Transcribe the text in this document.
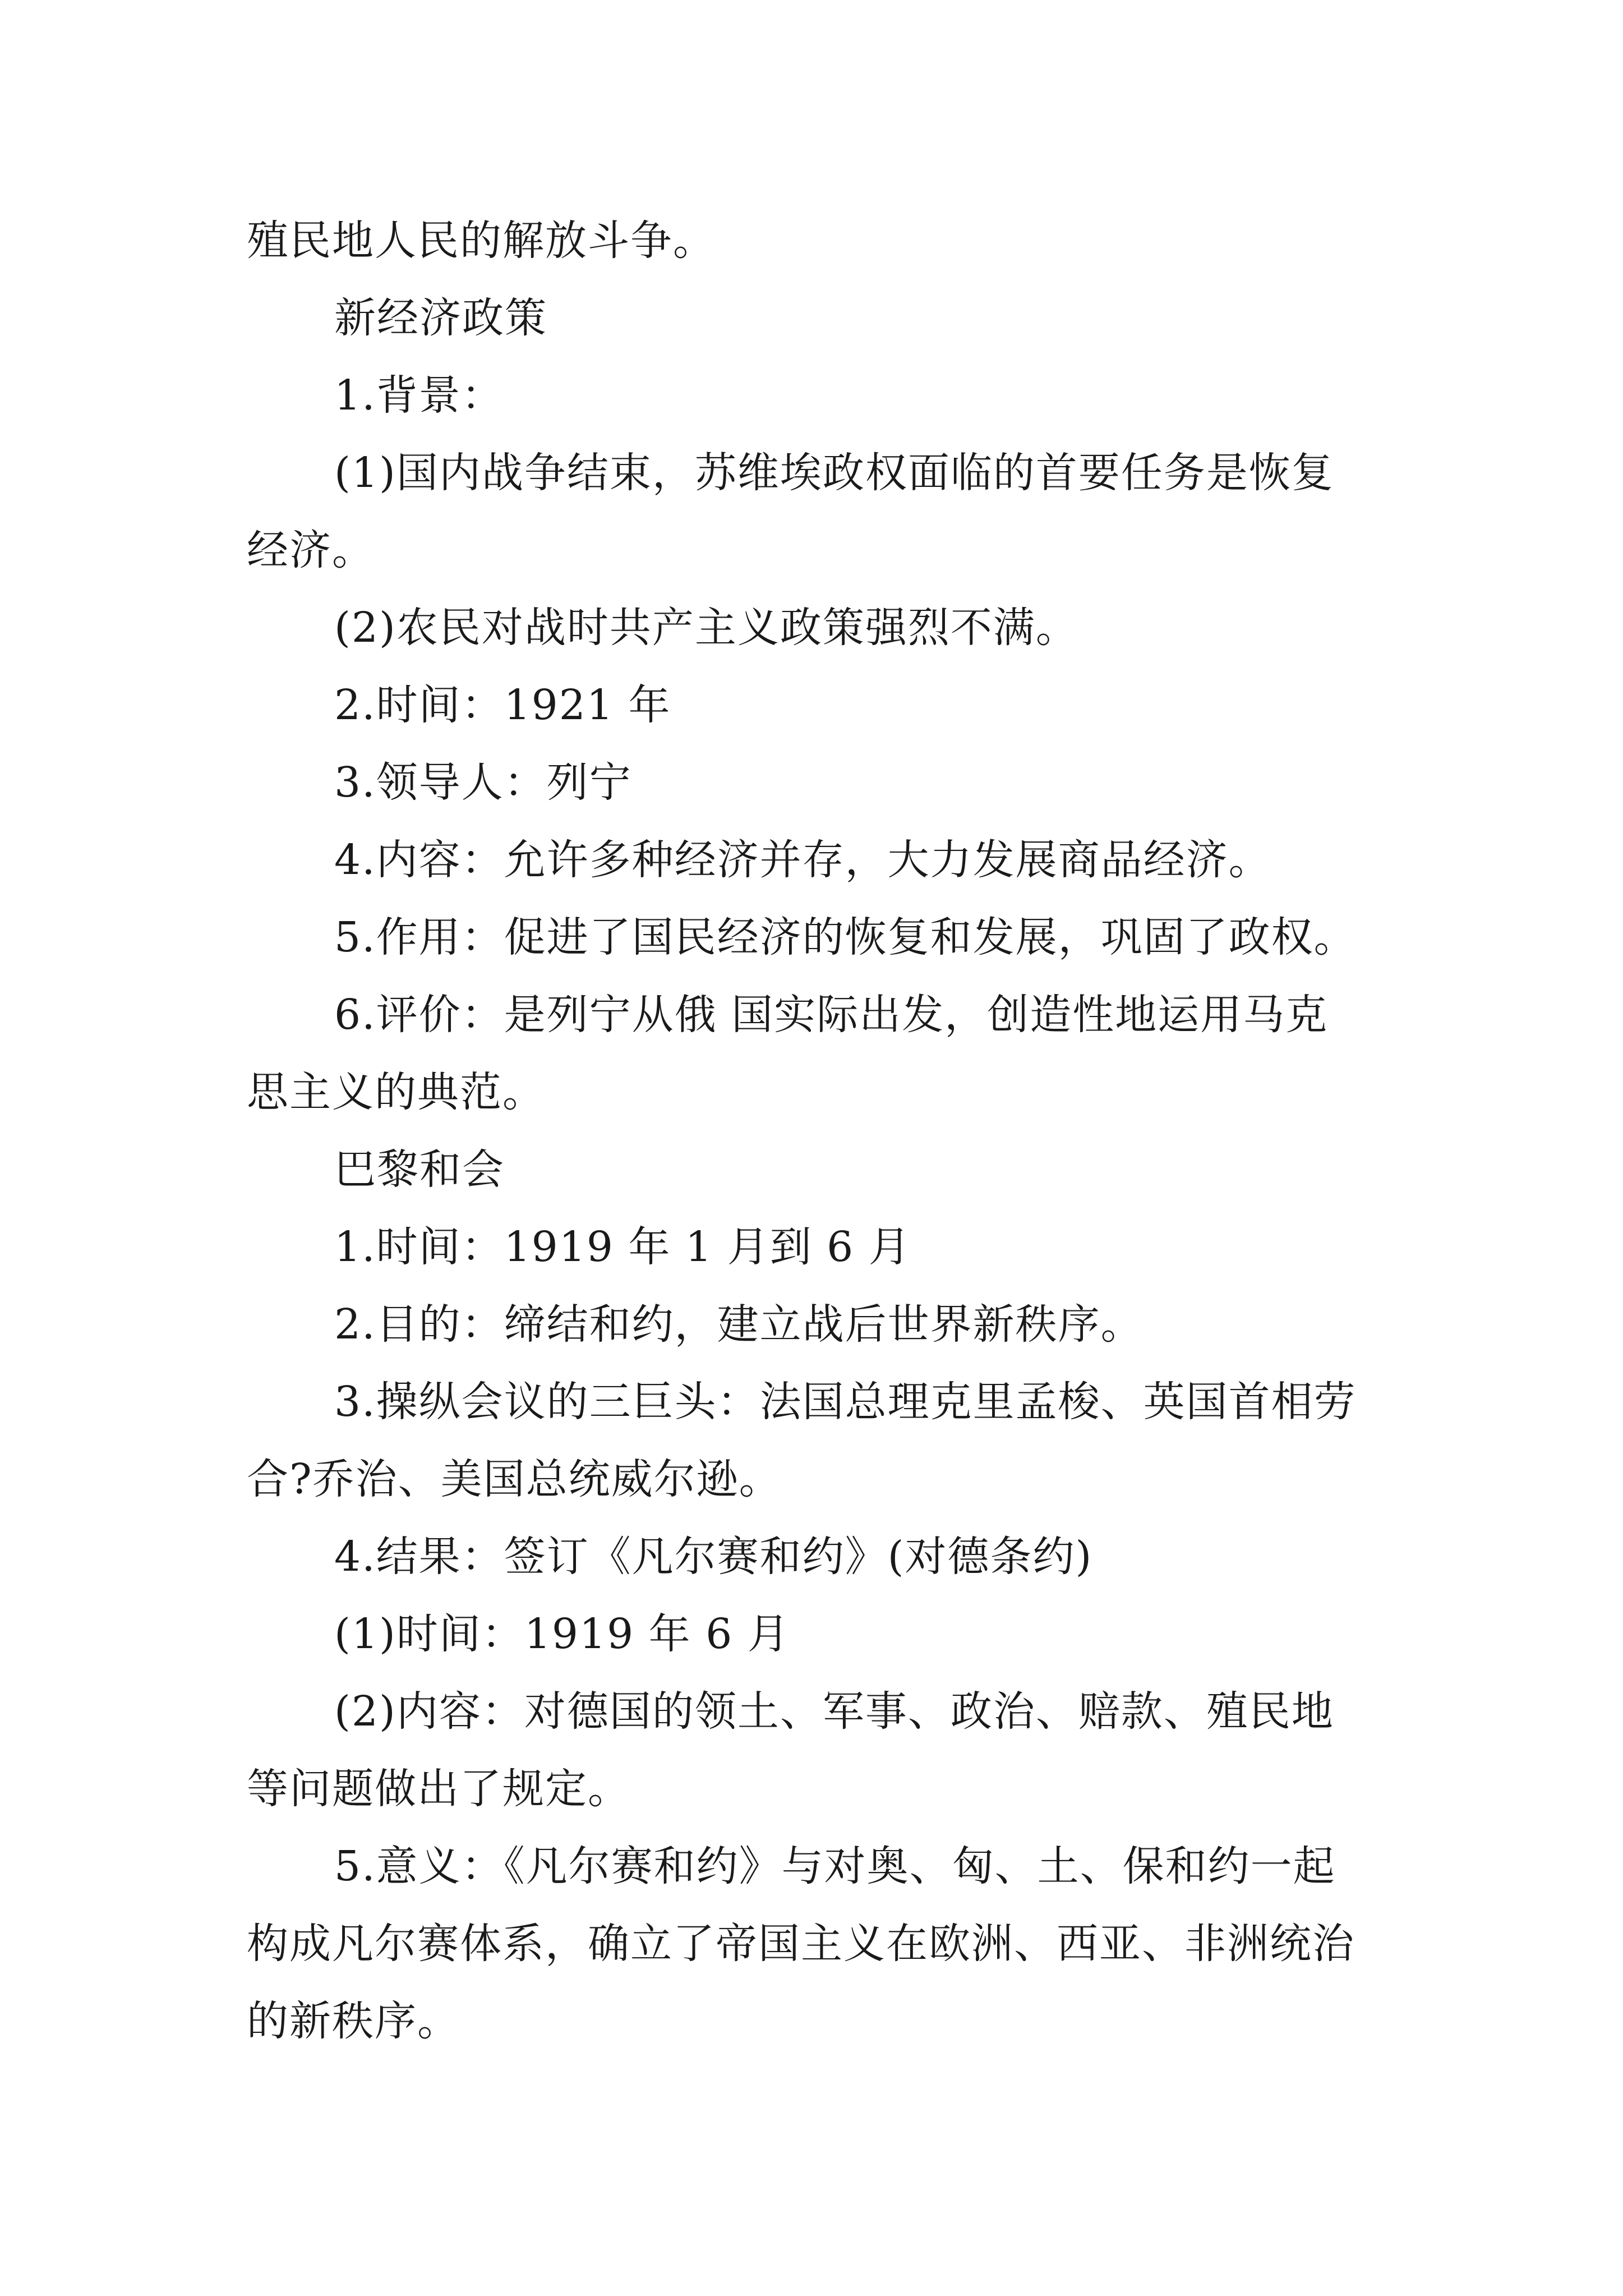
殖民地人民的解放斗争。
新经济政策
1.背景：
(1)国内战争结束，苏维埃政权面临的首要任务是恢复
经济。
(2)农民对战时共产主义政策强烈不满。
2.时间：1921 年
3.领导人：列宁
4.内容：允许多种经济并存，大力发展商品经济。
5.作用：促进了国民经济的恢复和发展，巩固了政权。
6.评价：是列宁从俄 国实际出发，创造性地运用马克
思主义的典范。
巴黎和会
1.时间：1919 年 1 月到 6 月
2.目的：缔结和约，建立战后世界新秩序。
3.操纵会议的三巨头：法国总理克里孟梭、英国首相劳
合?乔治、美国总统威尔逊。
4.结果：签订《凡尔赛和约》(对德条约)
(1)时间：1919 年 6 月
(2)内容：对德国的领土、军事、政治、赔款、殖民地
等问题做出了规定。
5.意义：《凡尔赛和约》与对奥、匈、土、保和约一起
构成凡尔赛体系，确立了帝国主义在欧洲、西亚、非洲统治
的新秩序。
